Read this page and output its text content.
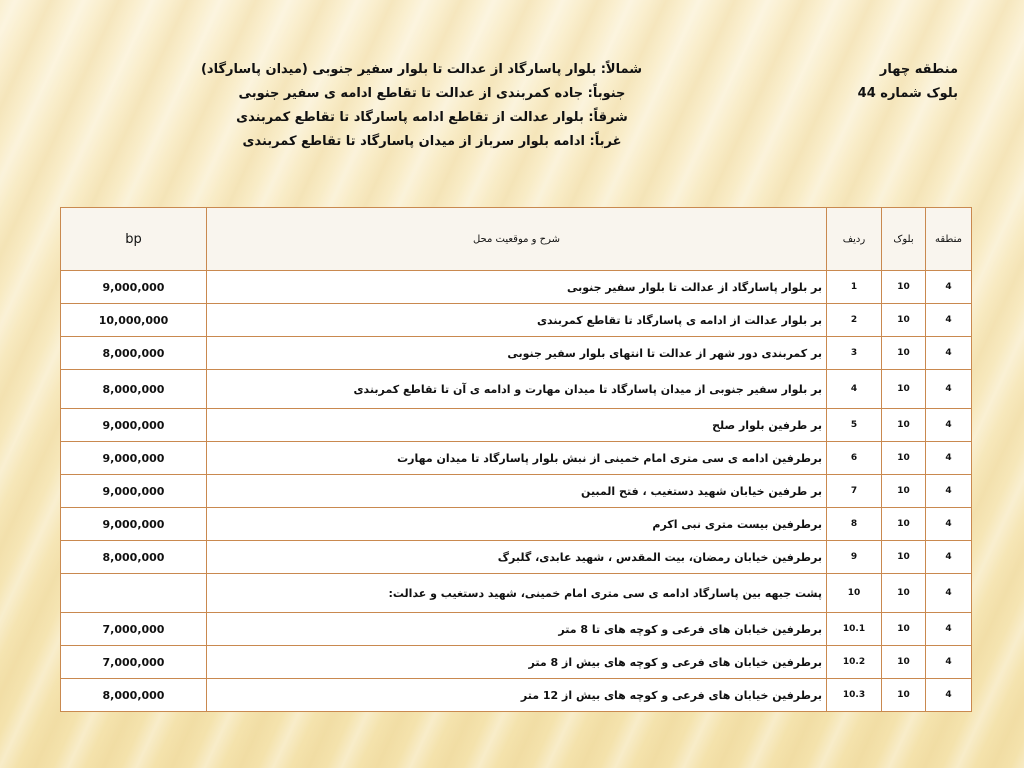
شمالاً: بلوار پاسارگاد از عدالت تا بلوار سفیر جنوبی (میدان پاسارگاد)
جنوباً: جاده کمربندی از عدالت تا تقاطع ادامه ی سفیر جنوبی
شرقاً: بلوار عدالت از تقاطع ادامه پاسارگاد تا تقاطع کمربندی
غرباً: ادامه بلوار سرباز از میدان پاسارگاد تا تقاطع کمربندی
منطقه چهار
بلوک شماره 44
bp	شرح و موقعیت محل	ردیف	بلوک	منطقه
9,000,000	بر بلوار پاسارگاد از عدالت تا بلوار سفیر جنوبی	1	10	4
10,000,000	بر بلوار عدالت از ادامه ی پاسارگاد تا تقاطع کمربندی	2	10	4
8,000,000	بر کمربندی دور شهر از عدالت تا انتهای بلوار سفیر جنوبی	3	10	4
8,000,000	بر بلوار سفیر جنوبی از میدان پاسارگاد تا میدان مهارت و ادامه ی آن تا تقاطع کمربندی	4	10	4
9,000,000	بر طرفین بلوار صلح	5	10	4
9,000,000	برطرفین ادامه ی سی متری امام خمینی از نبش بلوار پاسارگاد تا میدان مهارت	6	10	4
9,000,000	بر طرفین خیابان شهید دستغیب ، فتح المبین	7	10	4
9,000,000	برطرفین بیست متری نبی اکرم	8	10	4
8,000,000	برطرفین خیابان رمضان، بیت المقدس ، شهید عابدی، گلبرگ	9	10	4
	پشت جبهه بین پاسارگاد ادامه ی سی متری امام خمینی، شهید دستغیب و عدالت:	10	10	4
7,000,000	برطرفین خیابان های فرعی و کوچه های تا 8 متر	10.1	10	4
7,000,000	برطرفین خیابان های فرعی و کوچه های بیش از 8 متر	10.2	10	4
8,000,000	برطرفین خیابان های فرعی و کوچه های بیش از 12 متر	10.3	10	4
